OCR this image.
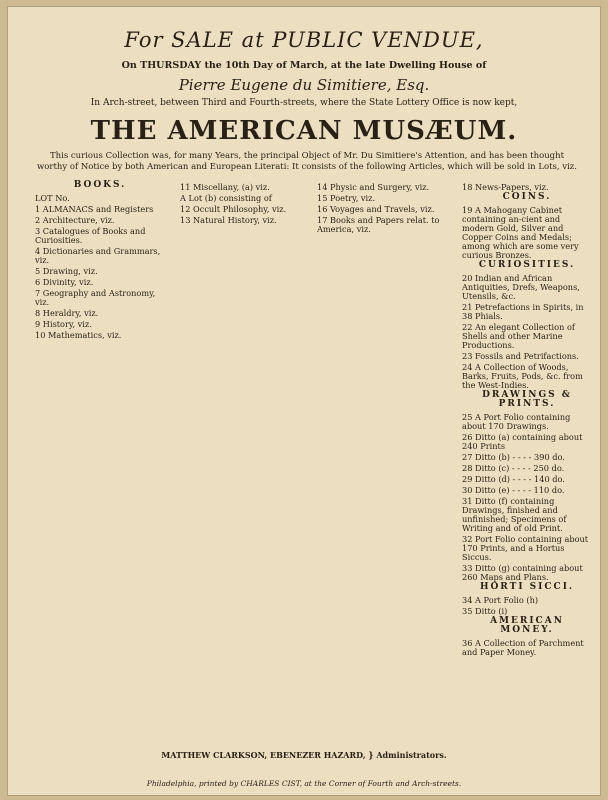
For SALE at PUBLIC VENDUE,
On THURSDAY the 10th Day of March, at the late Dwelling House of
Pierre Eugene du Simitiere, Esq.
In Arch-street, between Third and Fourth-streets, where the State Lottery Office is now kept,
THE AMERICAN MUSÆUM.
This curious Collection was, for many Years, the principal Object of Mr. Du Simitiere's Attention, and has been thought worthy of Notice by both American and European Literati: It consists of the following Articles, which will be sold in Lots, viz.
BOOKS.
LOT No.
1 ALMANACS and Registers
2 Architecture, viz.
3 Catalogues of Books and Curiosities.
4 Dictionaries and Grammars, viz.
5 Drawing, viz.
6 Divinity, viz.
7 Geography and Astronomy, viz.
8 Heraldry, viz.
9 History, viz.
10 Mathematics, viz.
11 Miscellany, (a) viz.
A Lot (b) consisting of
12 Occult Philosophy, viz.
13 Natural History, viz.
14 Physic and Surgery, viz.
15 Poetry, viz.
16 Voyages and Travels, viz.
17 Books and Papers relat. to America, viz.
18 News-Papers, viz.
COINS.
19 A Mahogany Cabinet containing an-cient and modern Gold, Silver and Copper Coins and Medals; among which are some very curious Bronzes.
CURIOSITIES.
20 Indian and African Antiquities, Drefs, Weapons, Utensils, &c.
21 Petrefactions in Spirits, in 38 Phials.
22 An elegant Collection of Shells and other Marine Productions.
23 Fossils and Petrifactions.
24 A Collection of Woods, Barks, Fruits, Pods, &c. from the West-Indies.
DRAWINGS & PRINTS.
25 A Port Folio containing about 170 Drawings.
26 Ditto (a) containing about 240 Prints
27 Ditto (b) - - - - 390 do.
28 Ditto (c) - - - - 250 do.
29 Ditto (d) - - - - 140 do.
30 Ditto (e) - - - - 110 do.
31 Ditto (f) containing Drawings, finished and unfinished; Specimens of Writing and of old Print.
32 Port Folio containing about 170 Prints, and a Hortus Siccus.
33 Ditto (g) containing about 260 Maps and Plans.
HORTI SICCI.
34 A Port Folio (h)
35 Ditto (i)
AMERICAN MONEY.
36 A Collection of Parchment and Paper Money.
MATTHEW CLARKSON, EBENEZER HAZARD, } Administrators.
Philadelphia, printed by CHARLES CIST, at the Corner of Fourth and Arch-streets.
